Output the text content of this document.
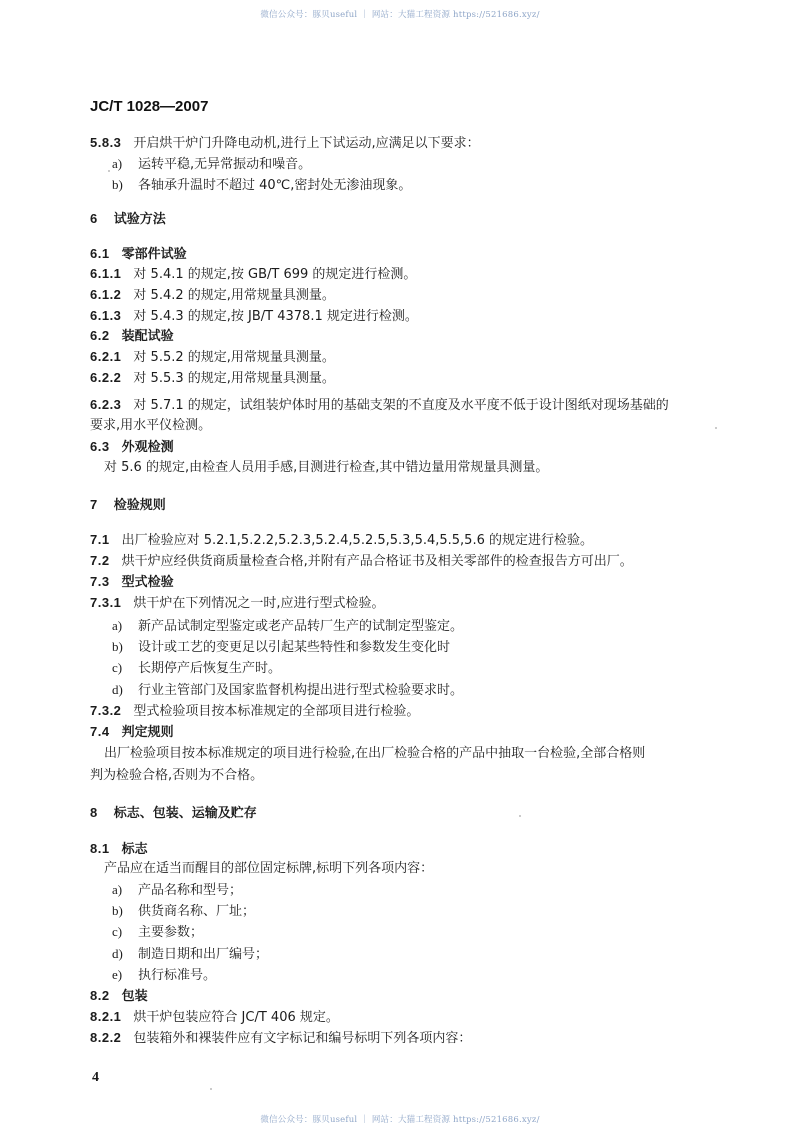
微信公众号：豚贝useful ｜ 网站：大猫工程资源 https://521686.xyz/
JC/T 1028—2007
5.8.3 开启烘干炉门升降电动机,进行上下试运动,应满足以下要求：
a) 运转平稳,无异常振动和噪音。
b) 各轴承升温时不超过 40℃,密封处无渗油现象。
6 试验方法
6.1 零部件试验
6.1.1 对 5.4.1 的规定,按 GB/T 699 的规定进行检测。
6.1.2 对 5.4.2 的规定,用常规量具测量。
6.1.3 对 5.4.3 的规定,按 JB/T 4378.1 规定进行检测。
6.2 装配试验
6.2.1 对 5.5.2 的规定,用常规量具测量。
6.2.2 对 5.5.3 的规定,用常规量具测量。
6.2.3 对 5.7.1 的规定，试组装炉体时用的基础支架的不直度及水平度不低于设计图纸对现场基础的
要求,用水平仪检测。
6.3 外观检测
对 5.6 的规定,由检查人员用手感,目测进行检查,其中错边量用常规量具测量。
7 检验规则
7.1 出厂检验应对 5.2.1,5.2.2,5.2.3,5.2.4,5.2.5,5.3,5.4,5.5,5.6 的规定进行检验。
7.2 烘干炉应经供货商质量检查合格,并附有产品合格证书及相关零部件的检查报告方可出厂。
7.3 型式检验
7.3.1 烘干炉在下列情况之一时,应进行型式检验。
a) 新产品试制定型鉴定或老产品转厂生产的试制定型鉴定。
b) 设计或工艺的变更足以引起某些特性和参数发生变化时
c) 长期停产后恢复生产时。
d) 行业主管部门及国家监督机构提出进行型式检验要求时。
7.3.2 型式检验项目按本标准规定的全部项目进行检验。
7.4 判定规则
出厂检验项目按本标准规定的项目进行检验,在出厂检验合格的产品中抽取一台检验,全部合格则
判为检验合格,否则为不合格。
8 标志、包装、运输及贮存
8.1 标志
产品应在适当而醒目的部位固定标牌,标明下列各项内容：
a) 产品名称和型号；
b) 供货商名称、厂址；
c) 主要参数；
d) 制造日期和出厂编号；
e) 执行标准号。
8.2 包装
8.2.1 烘干炉包装应符合 JC/T 406 规定。
8.2.2 包装箱外和裸装件应有文字标记和编号标明下列各项内容：
4
微信公众号：豚贝useful ｜ 网站：大猫工程资源 https://521686.xyz/
